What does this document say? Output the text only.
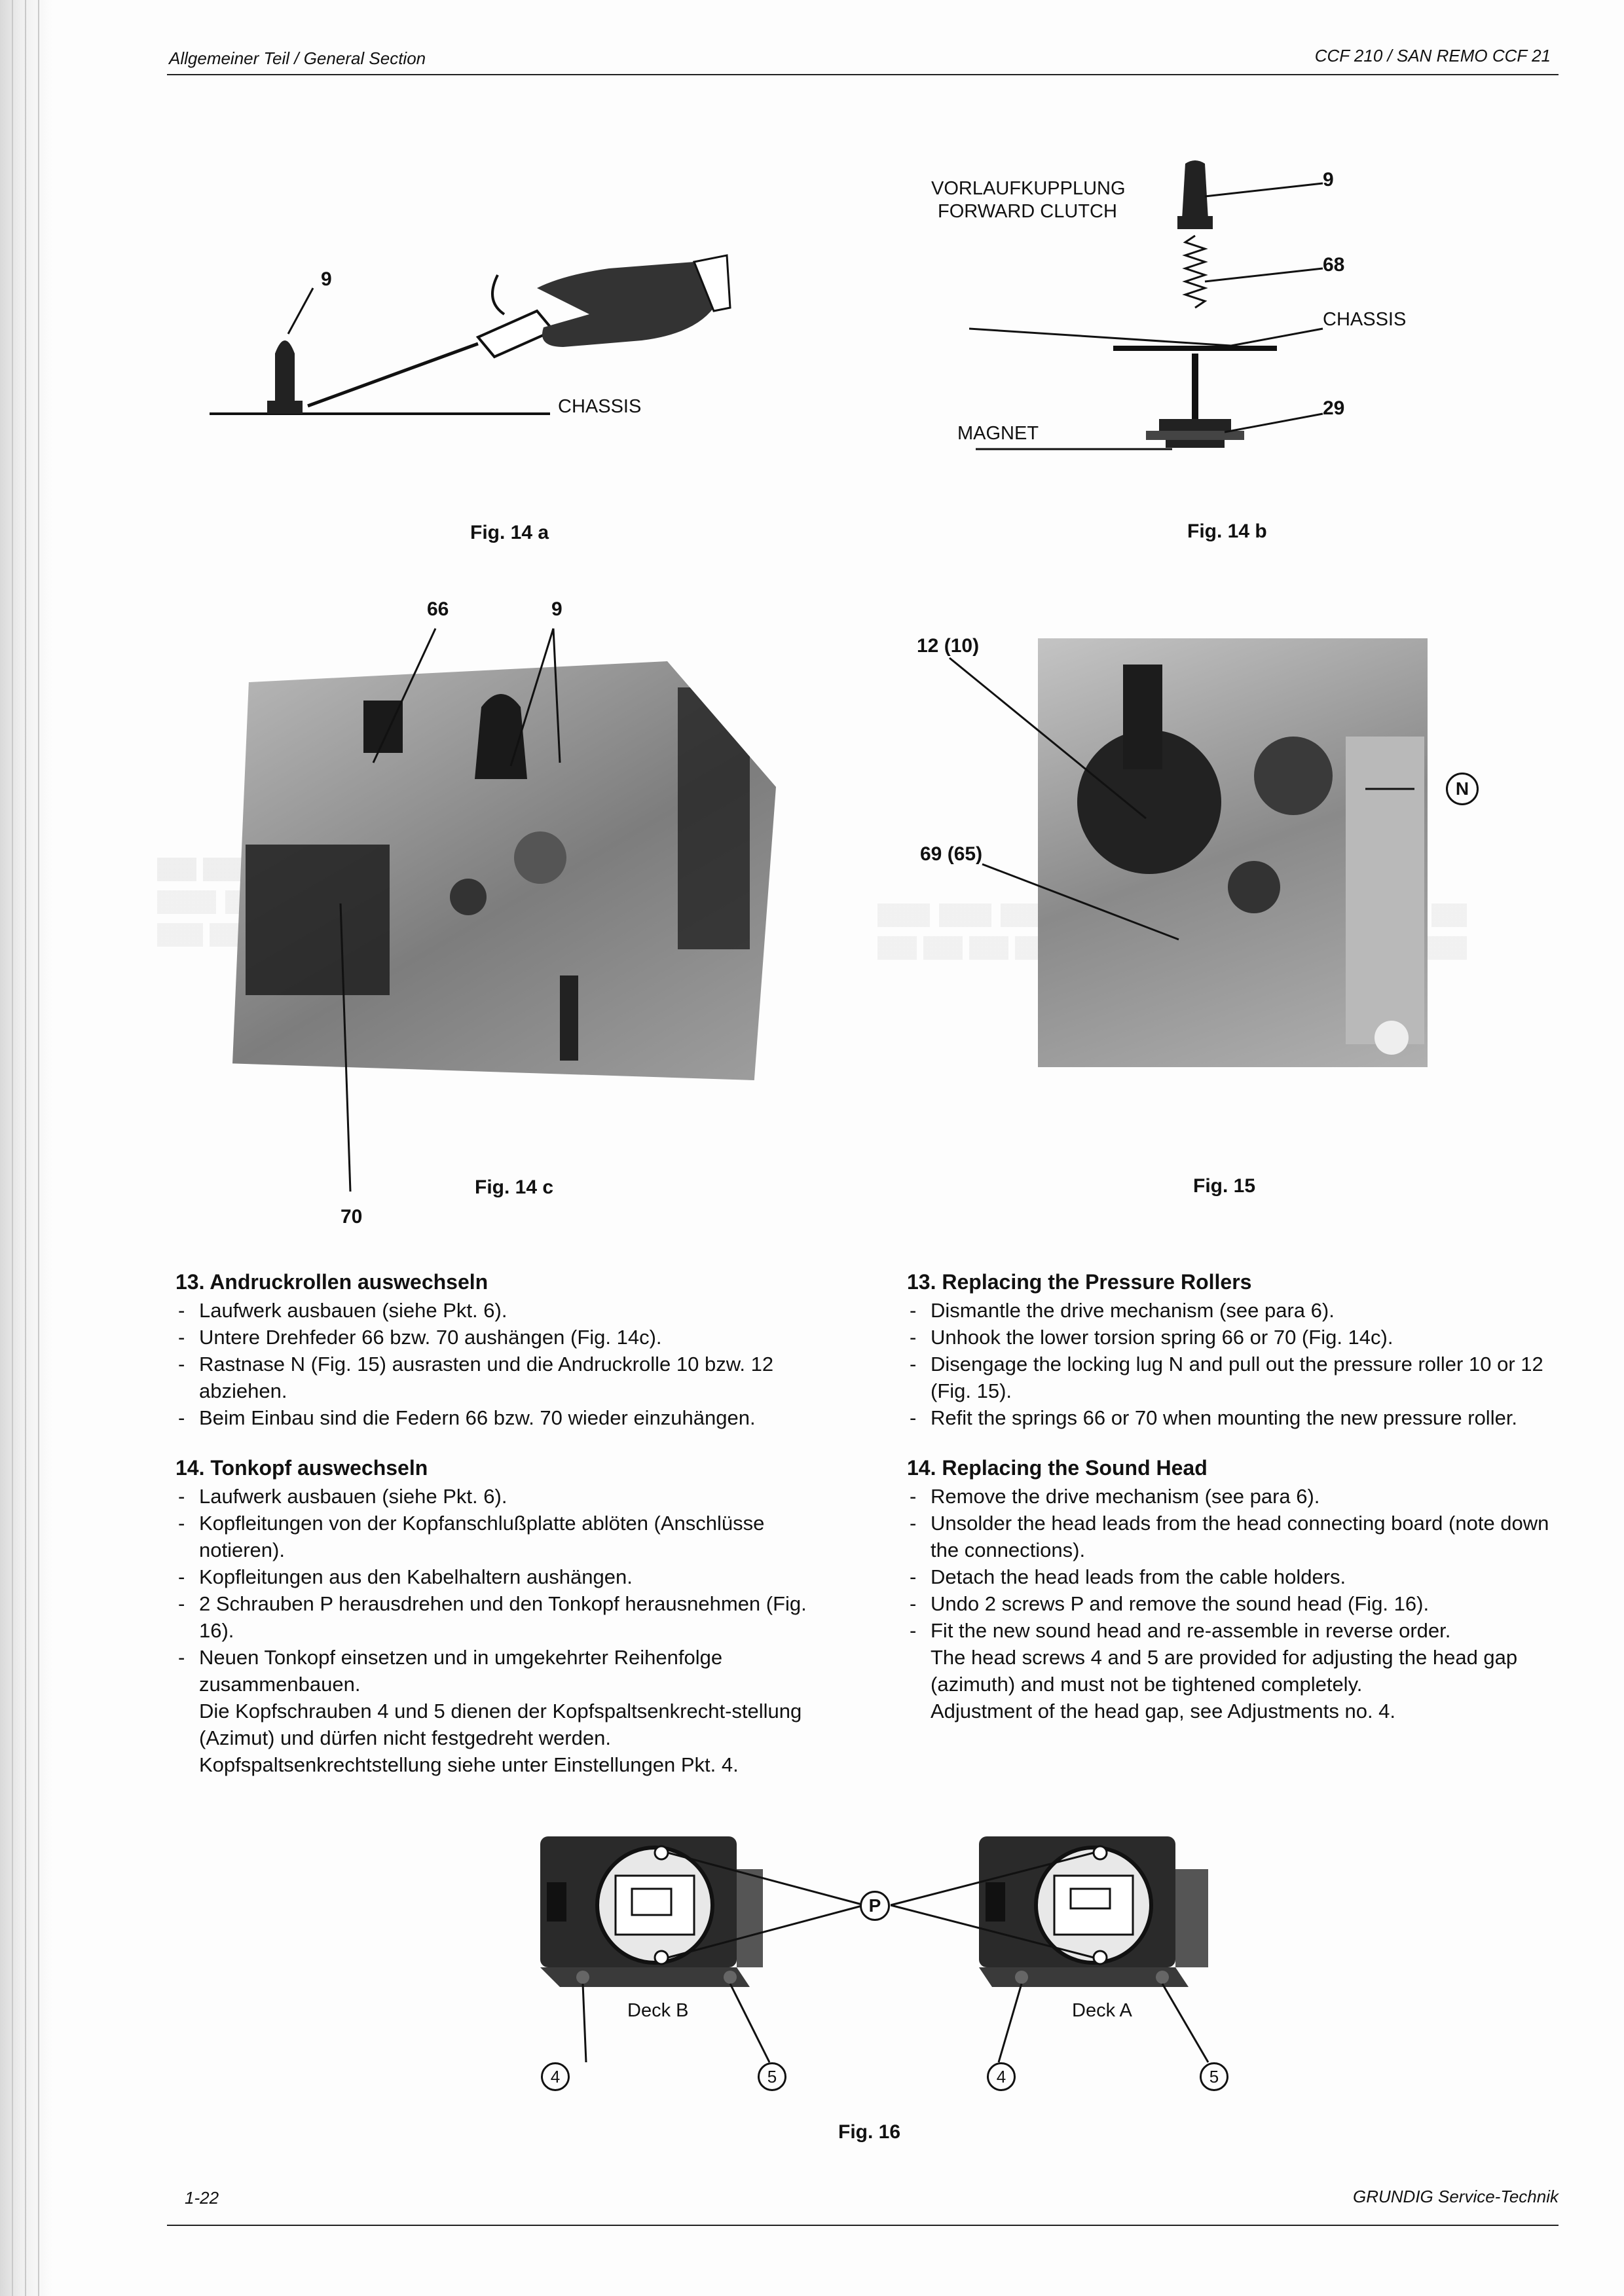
Allgemeiner Teil / General Section	CCF 210 / SAN REMO CCF 21
9
CHASSIS
Fig. 14 a
VORLAUFKUPPLUNG
FORWARD CLUTCH
9
68
CHASSIS
29
MAGNET
Fig. 14 b
66	9
70
Fig. 14 c
12 (10)
69 (65)
N
Fig. 15
13. Andruckrollen auswechseln
- Laufwerk ausbauen (siehe Pkt. 6).
- Untere Drehfeder 66 bzw. 70 aushängen (Fig. 14c).
- Rastnase N (Fig. 15) ausrasten und die Andruckrolle 10 bzw. 12 abziehen.
- Beim Einbau sind die Federn 66 bzw. 70 wieder einzuhängen.
14. Tonkopf auswechseln
- Laufwerk ausbauen (siehe Pkt. 6).
- Kopfleitungen von der Kopfanschlußplatte ablöten (Anschlüsse notieren).
- Kopfleitungen aus den Kabelhaltern aushängen.
- 2 Schrauben P herausdrehen und den Tonkopf herausnehmen (Fig. 16).
- Neuen Tonkopf einsetzen und in umgekehrter Reihenfolge zusammenbauen.
Die Kopfschrauben 4 und 5 dienen der Kopfspaltsenkrecht-stellung (Azimut) und dürfen nicht festgedreht werden.
Kopfspaltsenkrechtstellung siehe unter Einstellungen Pkt. 4.
13. Replacing the Pressure Rollers
- Dismantle the drive mechanism (see para 6).
- Unhook the lower torsion spring 66 or 70 (Fig. 14c).
- Disengage the locking lug N and pull out the pressure roller 10 or 12 (Fig. 15).
- Refit the springs 66 or 70 when mounting the new pressure roller.
14. Replacing the Sound Head
- Remove the drive mechanism (see para 6).
- Unsolder the head leads from the head connecting board (note down the connections).
- Detach the head leads from the cable holders.
- Undo 2 screws P and remove the sound head (Fig. 16).
- Fit the new sound head and re-assemble in reverse order.
The head screws 4 and 5 are provided for adjusting the head gap (azimuth) and must not be tightened completely.
Adjustment of the head gap, see Adjustments no. 4.
P
Deck B	Deck A
4	5	4	5
Fig. 16
1-22	GRUNDIG Service-Technik
